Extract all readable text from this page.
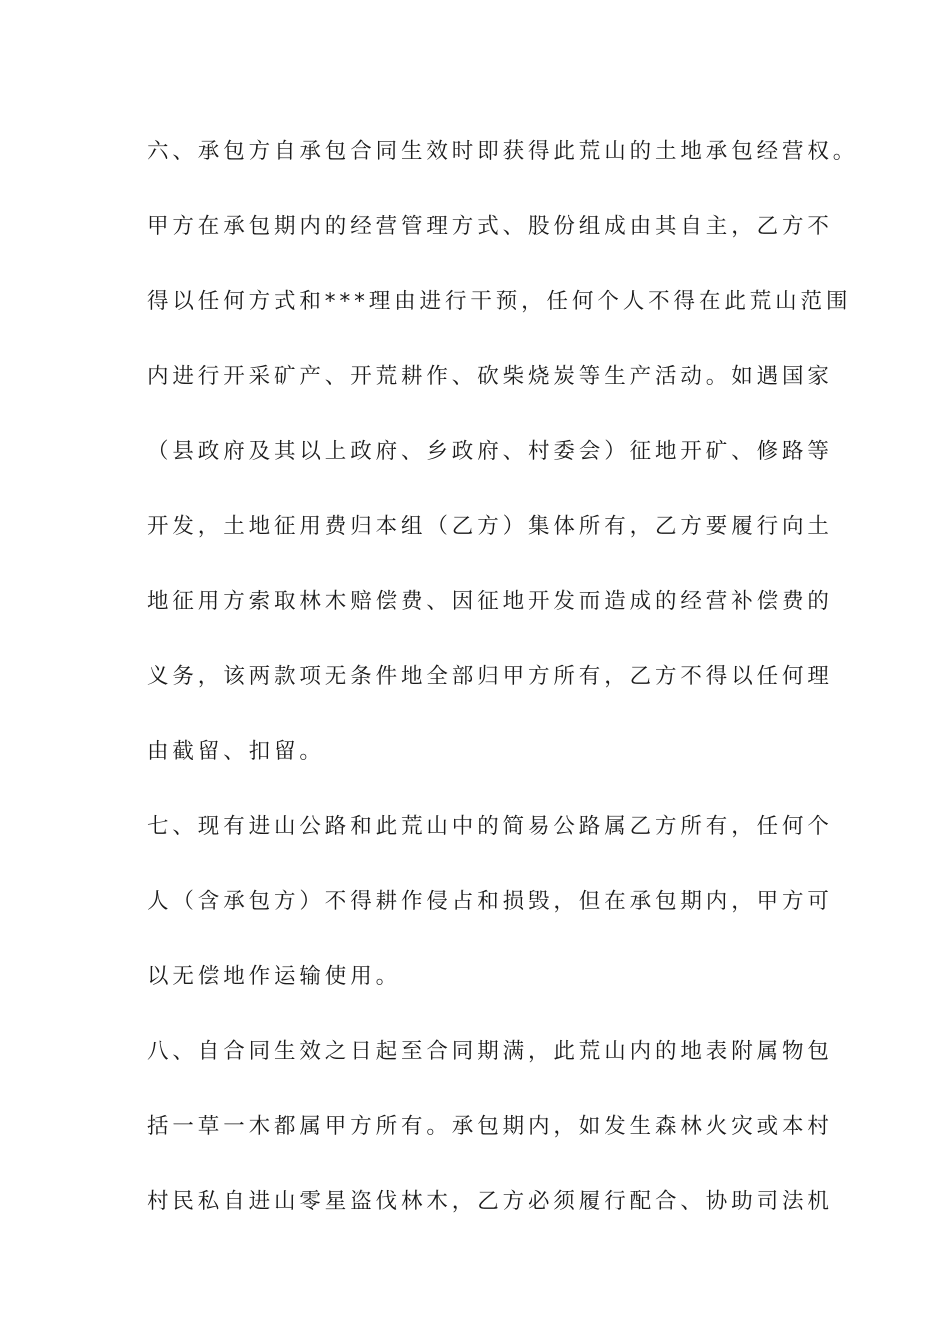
六、承包方自承包合同生效时即获得此荒山的土地承包经营权。
甲方在承包期内的经营管理方式、股份组成由其自主，乙方不
得以任何方式和***理由进行干预，任何个人不得在此荒山范围
内进行开采矿产、开荒耕作、砍柴烧炭等生产活动。如遇国家
（县政府及其以上政府、乡政府、村委会）征地开矿、修路等
开发，土地征用费归本组（乙方）集体所有，乙方要履行向土
地征用方索取林木赔偿费、因征地开发而造成的经营补偿费的
义务，该两款项无条件地全部归甲方所有，乙方不得以任何理
由截留、扣留。
七、现有进山公路和此荒山中的简易公路属乙方所有，任何个
人（含承包方）不得耕作侵占和损毁，但在承包期内，甲方可
以无偿地作运输使用。
八、自合同生效之日起至合同期满，此荒山内的地表附属物包
括一草一木都属甲方所有。承包期内，如发生森林火灾或本村
村民私自进山零星盗伐林木，乙方必须履行配合、协助司法机
